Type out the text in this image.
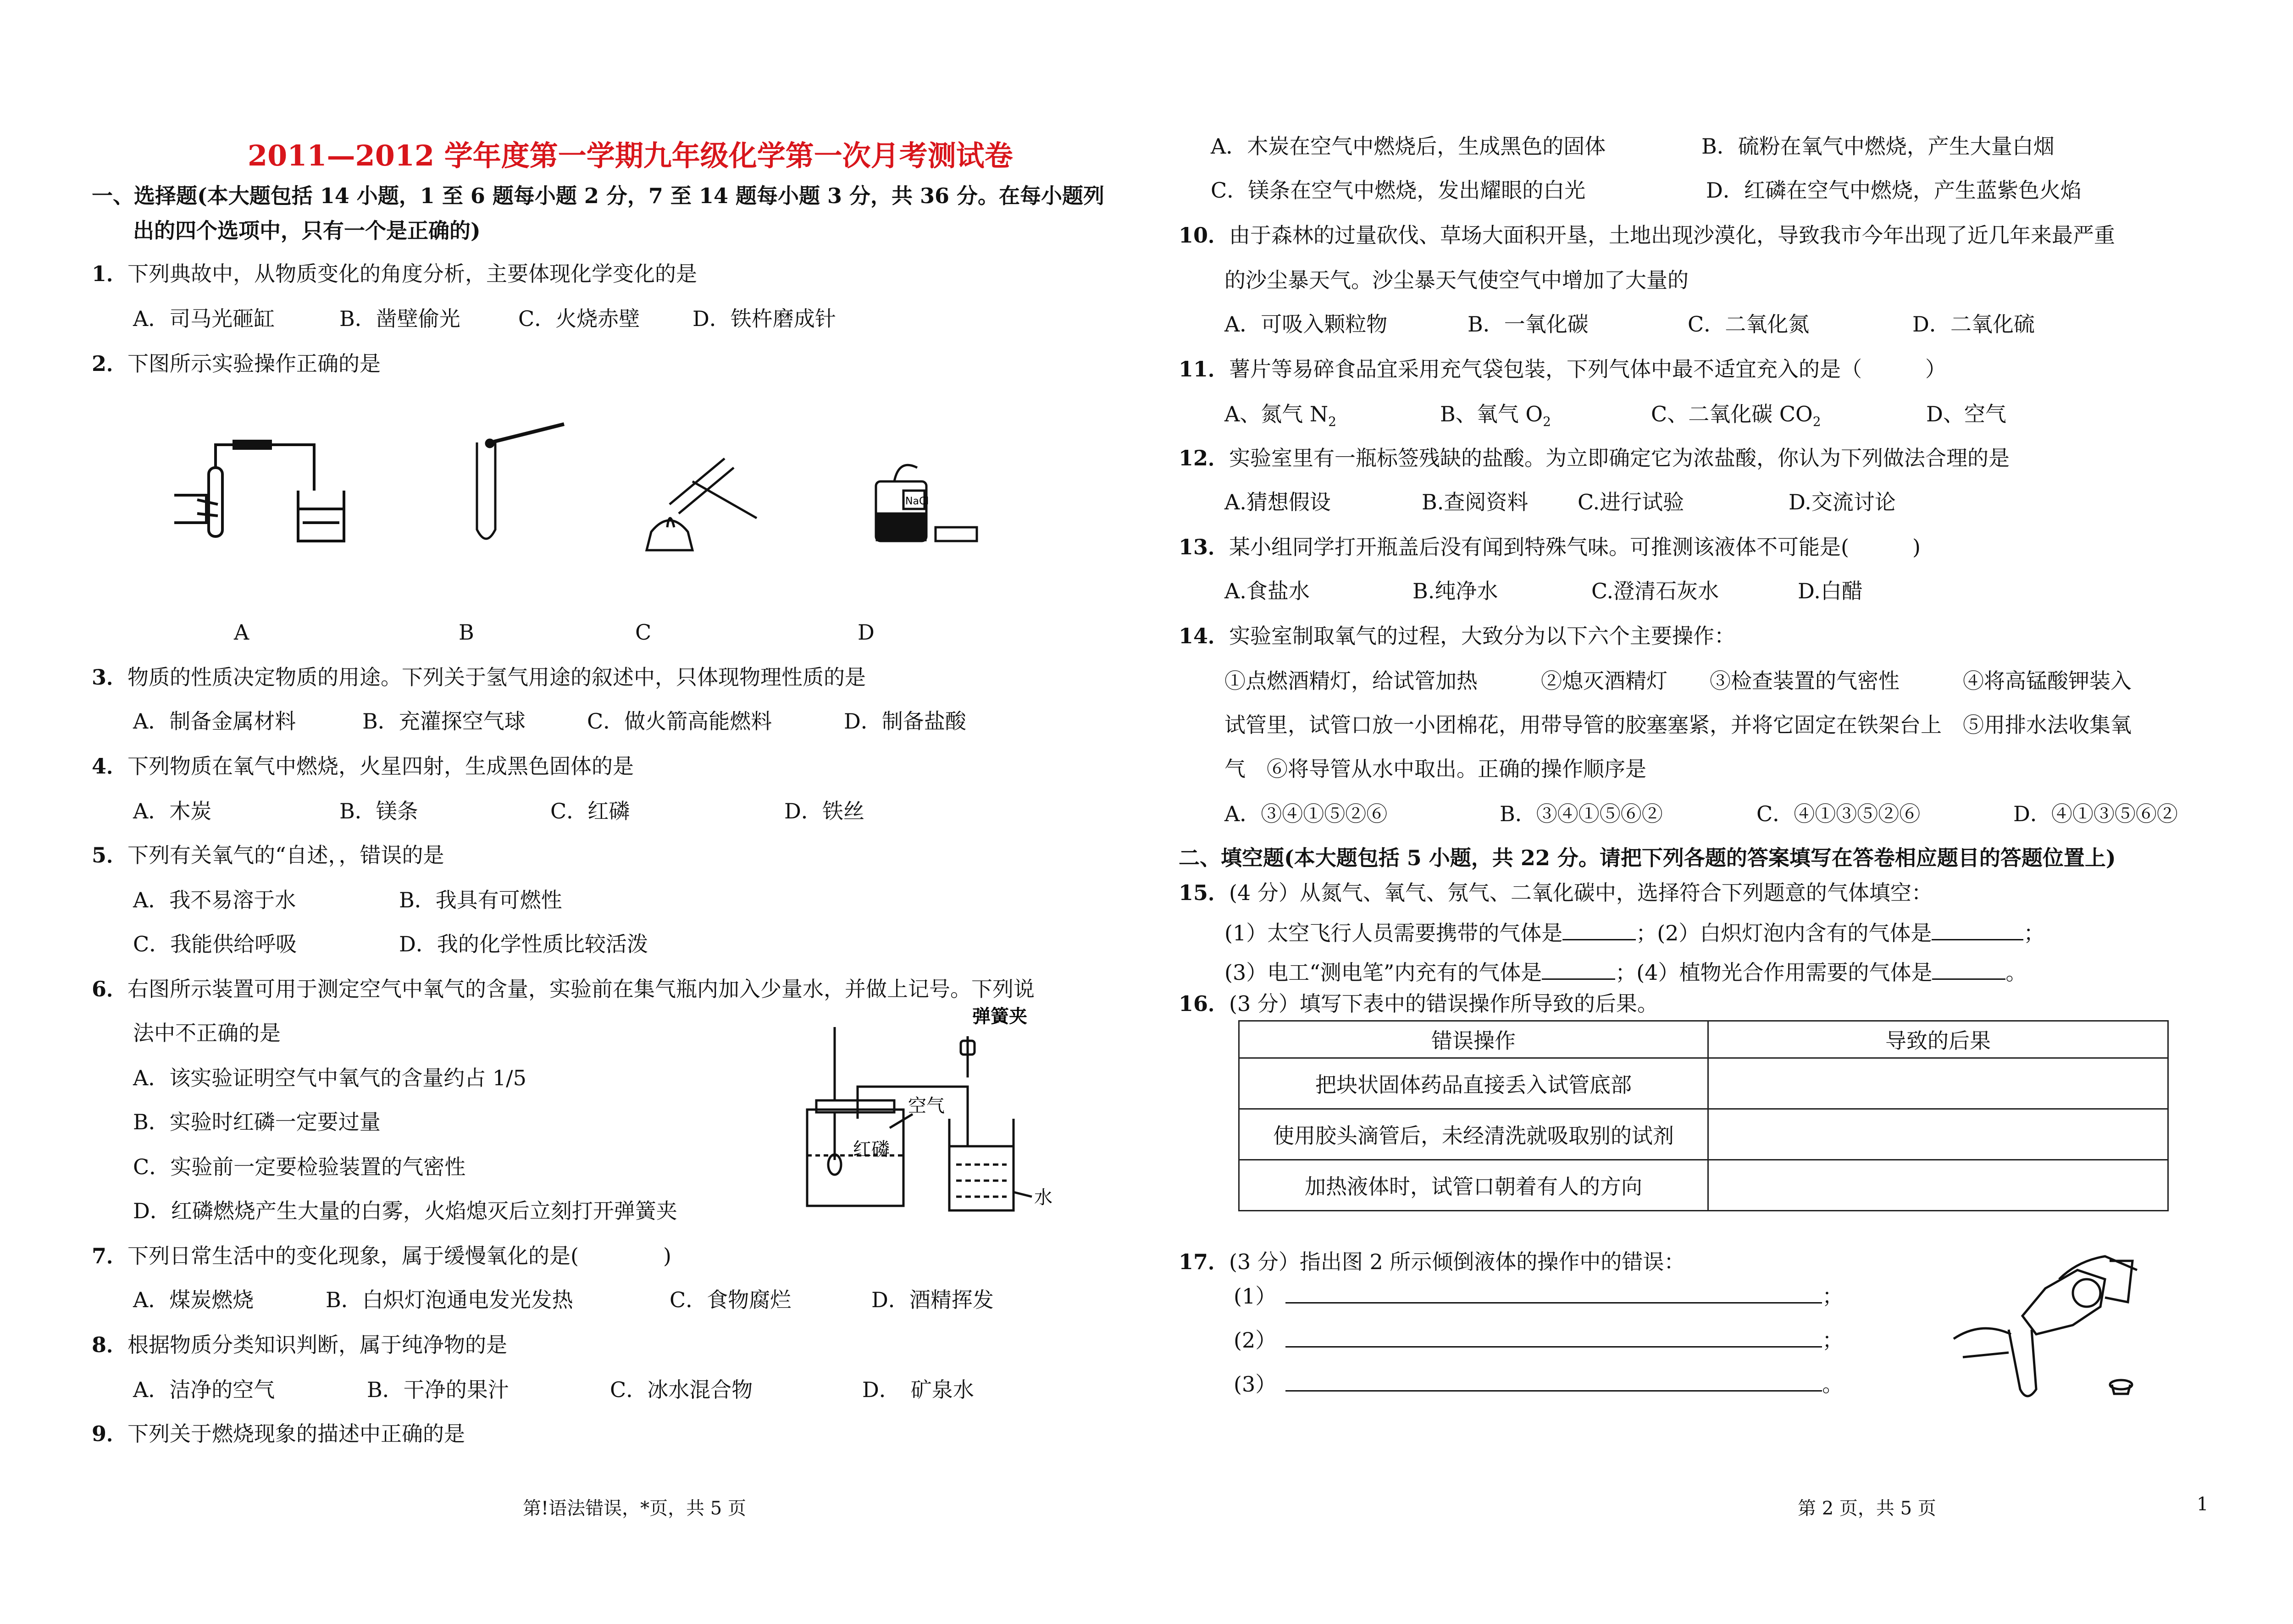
2011—2012 学年度第一学期九年级化学第一次月考测试卷
一、选择题(本大题包括 14 小题，1 至 6 题每小题 2 分，7 至 14 题每小题 3 分，共 36 分。在每小题列
出的四个选项中，只有一个是正确的)
1．下列典故中，从物质变化的角度分析，主要体现化学变化的是
A．司马光砸缸	B．凿壁偷光	C．火烧赤壁 D．铁杵磨成针
2．下图所示实验操作正确的是
NaCl
A	B	C	D
3．物质的性质决定物质的用途。下列关于氢气用途的叙述中，只体现物理性质的是
A．制备金属材料	B．充灌探空气球	C．做火箭高能燃料	D．制备盐酸
4．下列物质在氧气中燃烧，火星四射，生成黑色固体的是
A．木炭	B．镁条	C．红磷	D．铁丝
5．下列有关氧气的“自述，，错误的是
A．我不易溶于水	B．我具有可燃性
C．我能供给呼吸	D．我的化学性质比较活泼
6．右图所示装置可用于测定空气中氧气的含量，实验前在集气瓶内加入少量水，并做上记号。下列说
法中不正确的是
A．该实验证明空气中氧气的含量约占 1/5
B．实验时红磷一定要过量
C．实验前一定要检验装置的气密性
D．红磷燃烧产生大量的白雾，火焰熄灭后立刻打开弹簧夹
弹簧夹
空气
红磷
水
7．下列日常生活中的变化现象，属于缓慢氧化的是(　　　　)
A．煤炭燃烧	B．白炽灯泡通电发光发热	C．食物腐烂	D．酒精挥发
8．根据物质分类知识判断，属于纯净物的是
A．洁净的空气	B．干净的果汁	C．冰水混合物	D．　矿泉水
9．下列关于燃烧现象的描述中正确的是
第!语法错误，*页，共 5 页
A．木炭在空气中燃烧后，生成黑色的固体	B．硫粉在氧气中燃烧，产生大量白烟
C．镁条在空气中燃烧，发出耀眼的白光	D．红磷在空气中燃烧，产生蓝紫色火焰
10．由于森林的过量砍伐、草场大面积开垦，土地出现沙漠化，导致我市今年出现了近几年来最严重
的沙尘暴天气。沙尘暴天气使空气中增加了大量的
A．可吸入颗粒物	B．一氧化碳	C．二氧化氮	D．二氧化硫
11．薯片等易碎食品宜采用充气袋包装，下列气体中最不适宜充入的是（　　　）
A、氮气 $N_2$	B、氧气 $O_2$	C、二氧化碳 $CO_2$	D、空气
12．实验室里有一瓶标签残缺的盐酸。为立即确定它为浓盐酸，你认为下列做法合理的是
A.猜想假设	B.查阅资料 C.进行试验	D.交流讨论
13．某小组同学打开瓶盖后没有闻到特殊气味。可推测该液体不可能是(　　　)
A.食盐水	B.纯净水	C.澄清石灰水	D.白醋
14．实验室制取氧气的过程，大致分为以下六个主要操作：
①点燃酒精灯，给试管加热　　　②熄灭酒精灯　　③检查装置的气密性　　　④将高锰酸钾装入
试管里，试管口放一小团棉花，用带导管的胶塞塞紧，并将它固定在铁架台上　⑤用排水法收集氧
气　⑥将导管从水中取出。正确的操作顺序是
A．③④①⑤②⑥	B．③④①⑤⑥②	C．④①③⑤②⑥	D．④①③⑤⑥②
二、填空题(本大题包括 5 小题，共 22 分。请把下列各题的答案填写在答卷相应题目的答题位置上)
15．(4 分）从氮气、氧气、氖气、二氧化碳中，选择符合下列题意的气体填空：
(1）太空飞行人员需要携带的气体是	；(2）白炽灯泡内含有的气体是	；
(3）电工“测电笔”内充有的气体是	；(4）植物光合作用需要的气体是	。
16．(3 分）填写下表中的错误操作所导致的后果。
错误操作	导致的后果
把块状固体药品直接丢入试管底部	
使用胶头滴管后，未经清洗就吸取别的试剂	
加热液体时，试管口朝着有人的方向	
17．(3 分）指出图 2 所示倾倒液体的操作中的错误：
(1）	；
(2）	；
(3）	。
第 2 页，共 5 页	1
